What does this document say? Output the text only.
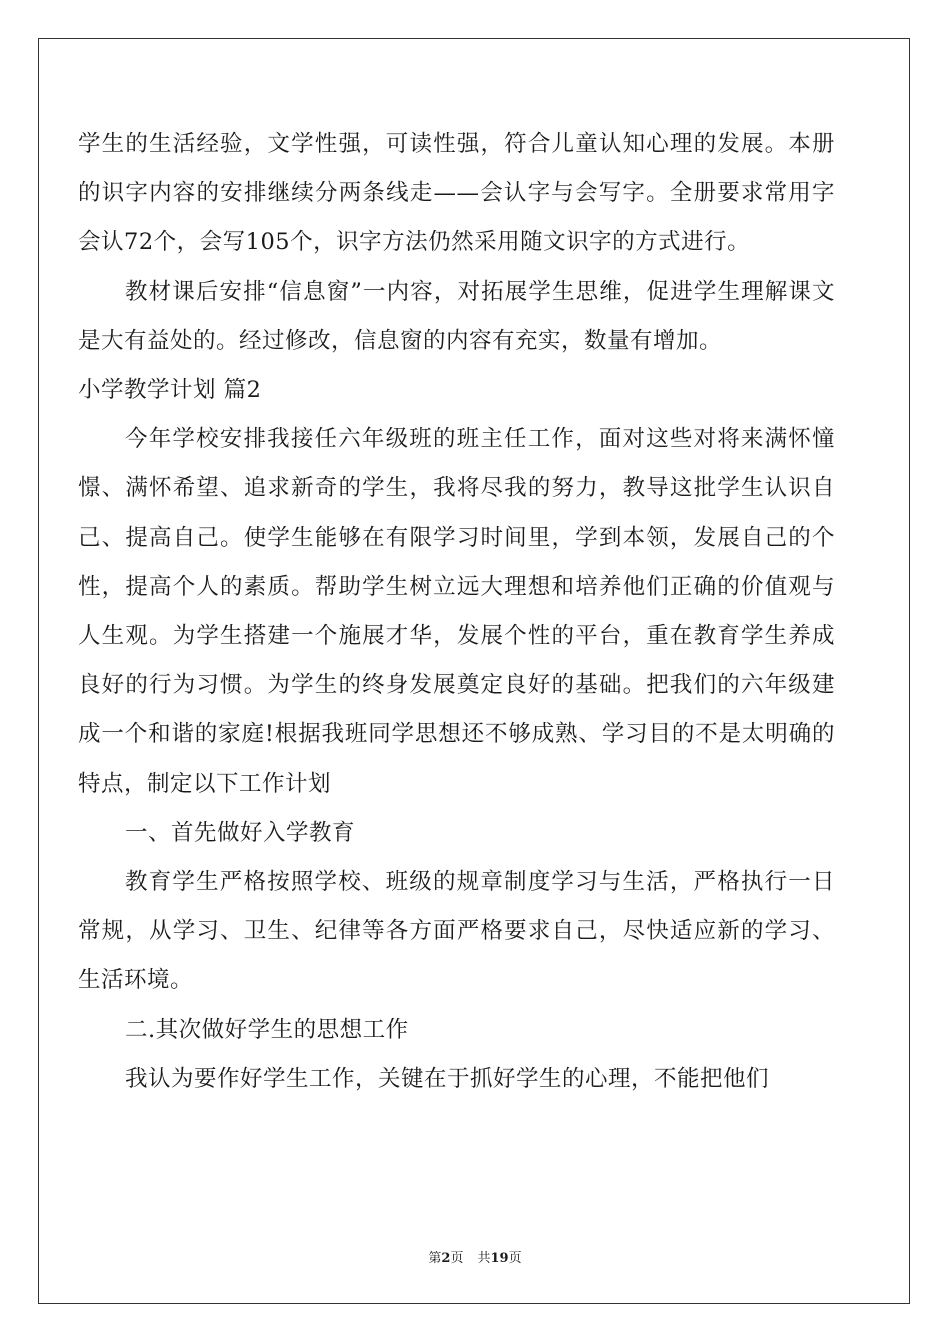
学生的生活经验，文学性强，可读性强，符合儿童认知心理的发展。本册的识字内容的安排继续分两条线走——会认字与会写字。全册要求常用字会认72个，会写105个，识字方法仍然采用随文识字的方式进行。

教材课后安排“信息窗”一内容，对拓展学生思维，促进学生理解课文是大有益处的。经过修改，信息窗的内容有充实，数量有增加。

小学教学计划 篇2

今年学校安排我接任六年级班的班主任工作，面对这些对将来满怀憧憬、满怀希望、追求新奇的学生，我将尽我的努力，教导这批学生认识自己、提高自己。使学生能够在有限学习时间里，学到本领，发展自己的个性，提高个人的素质。帮助学生树立远大理想和培养他们正确的价值观与人生观。为学生搭建一个施展才华，发展个性的平台，重在教育学生养成良好的行为习惯。为学生的终身发展奠定良好的基础。把我们的六年级建成一个和谐的家庭!根据我班同学思想还不够成熟、学习目的不是太明确的特点，制定以下工作计划

一、首先做好入学教育

教育学生严格按照学校、班级的规章制度学习与生活，严格执行一日常规，从学习、卫生、纪律等各方面严格要求自己，尽快适应新的学习、生活环境。

二.其次做好学生的思想工作

我认为要作好学生工作，关键在于抓好学生的心理，不能把他们

第2页 共19页
